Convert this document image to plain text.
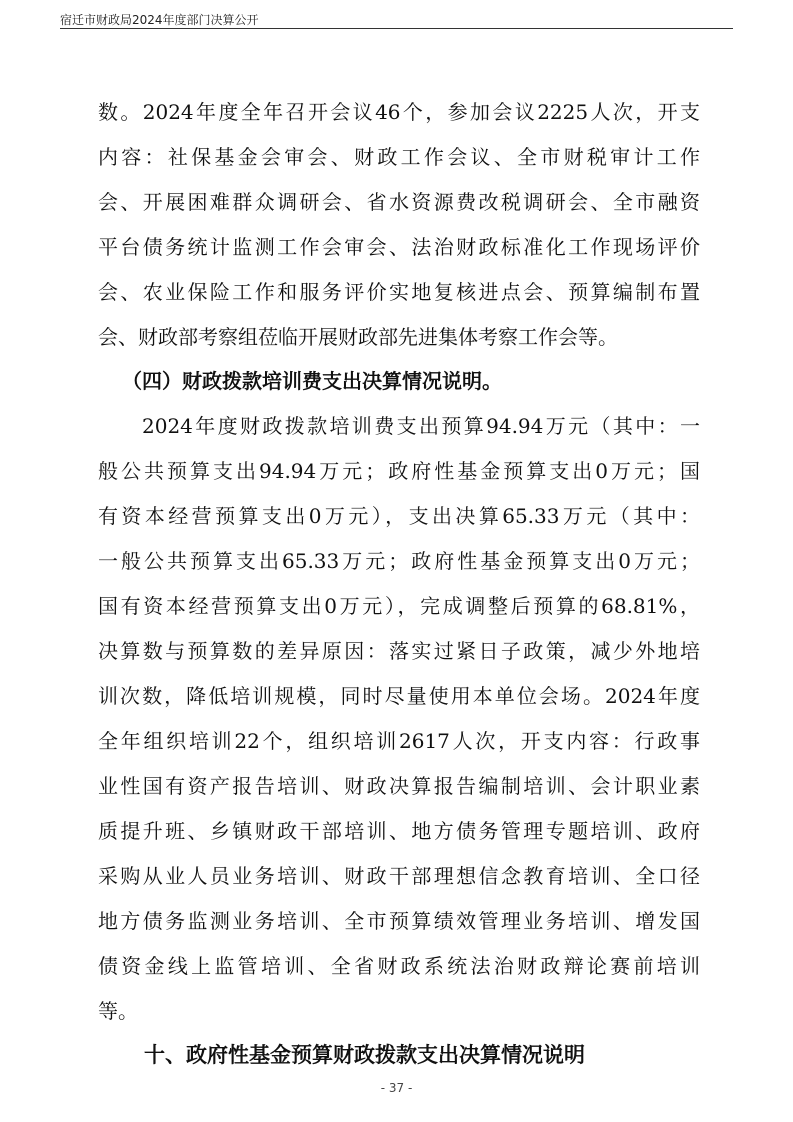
宿迁市财政局2024年度部门决算公开
数。2024年度全年召开会议46个，参加会议2225人次，开支
内容：社保基金会审会、财政工作会议、全市财税审计工作
会、开展困难群众调研会、省水资源费改税调研会、全市融资
平台债务统计监测工作会审会、法治财政标准化工作现场评价
会、农业保险工作和服务评价实地复核进点会、预算编制布置
会、财政部考察组莅临开展财政部先进集体考察工作会等。
（四）财政拨款培训费支出决算情况说明。
2024年度财政拨款培训费支出预算94.94万元（其中：一
般公共预算支出94.94万元；政府性基金预算支出0万元；国
有资本经营预算支出0万元），支出决算65.33万元（其中：
一般公共预算支出65.33万元；政府性基金预算支出0万元；
国有资本经营预算支出0万元），完成调整后预算的68.81%，
决算数与预算数的差异原因：落实过紧日子政策，减少外地培
训次数，降低培训规模，同时尽量使用本单位会场。2024年度
全年组织培训22个，组织培训2617人次，开支内容：行政事
业性国有资产报告培训、财政决算报告编制培训、会计职业素
质提升班、乡镇财政干部培训、地方债务管理专题培训、政府
采购从业人员业务培训、财政干部理想信念教育培训、全口径
地方债务监测业务培训、全市预算绩效管理业务培训、增发国
债资金线上监管培训、全省财政系统法治财政辩论赛前培训
等。
十、政府性基金预算财政拨款支出决算情况说明
- 37 -
